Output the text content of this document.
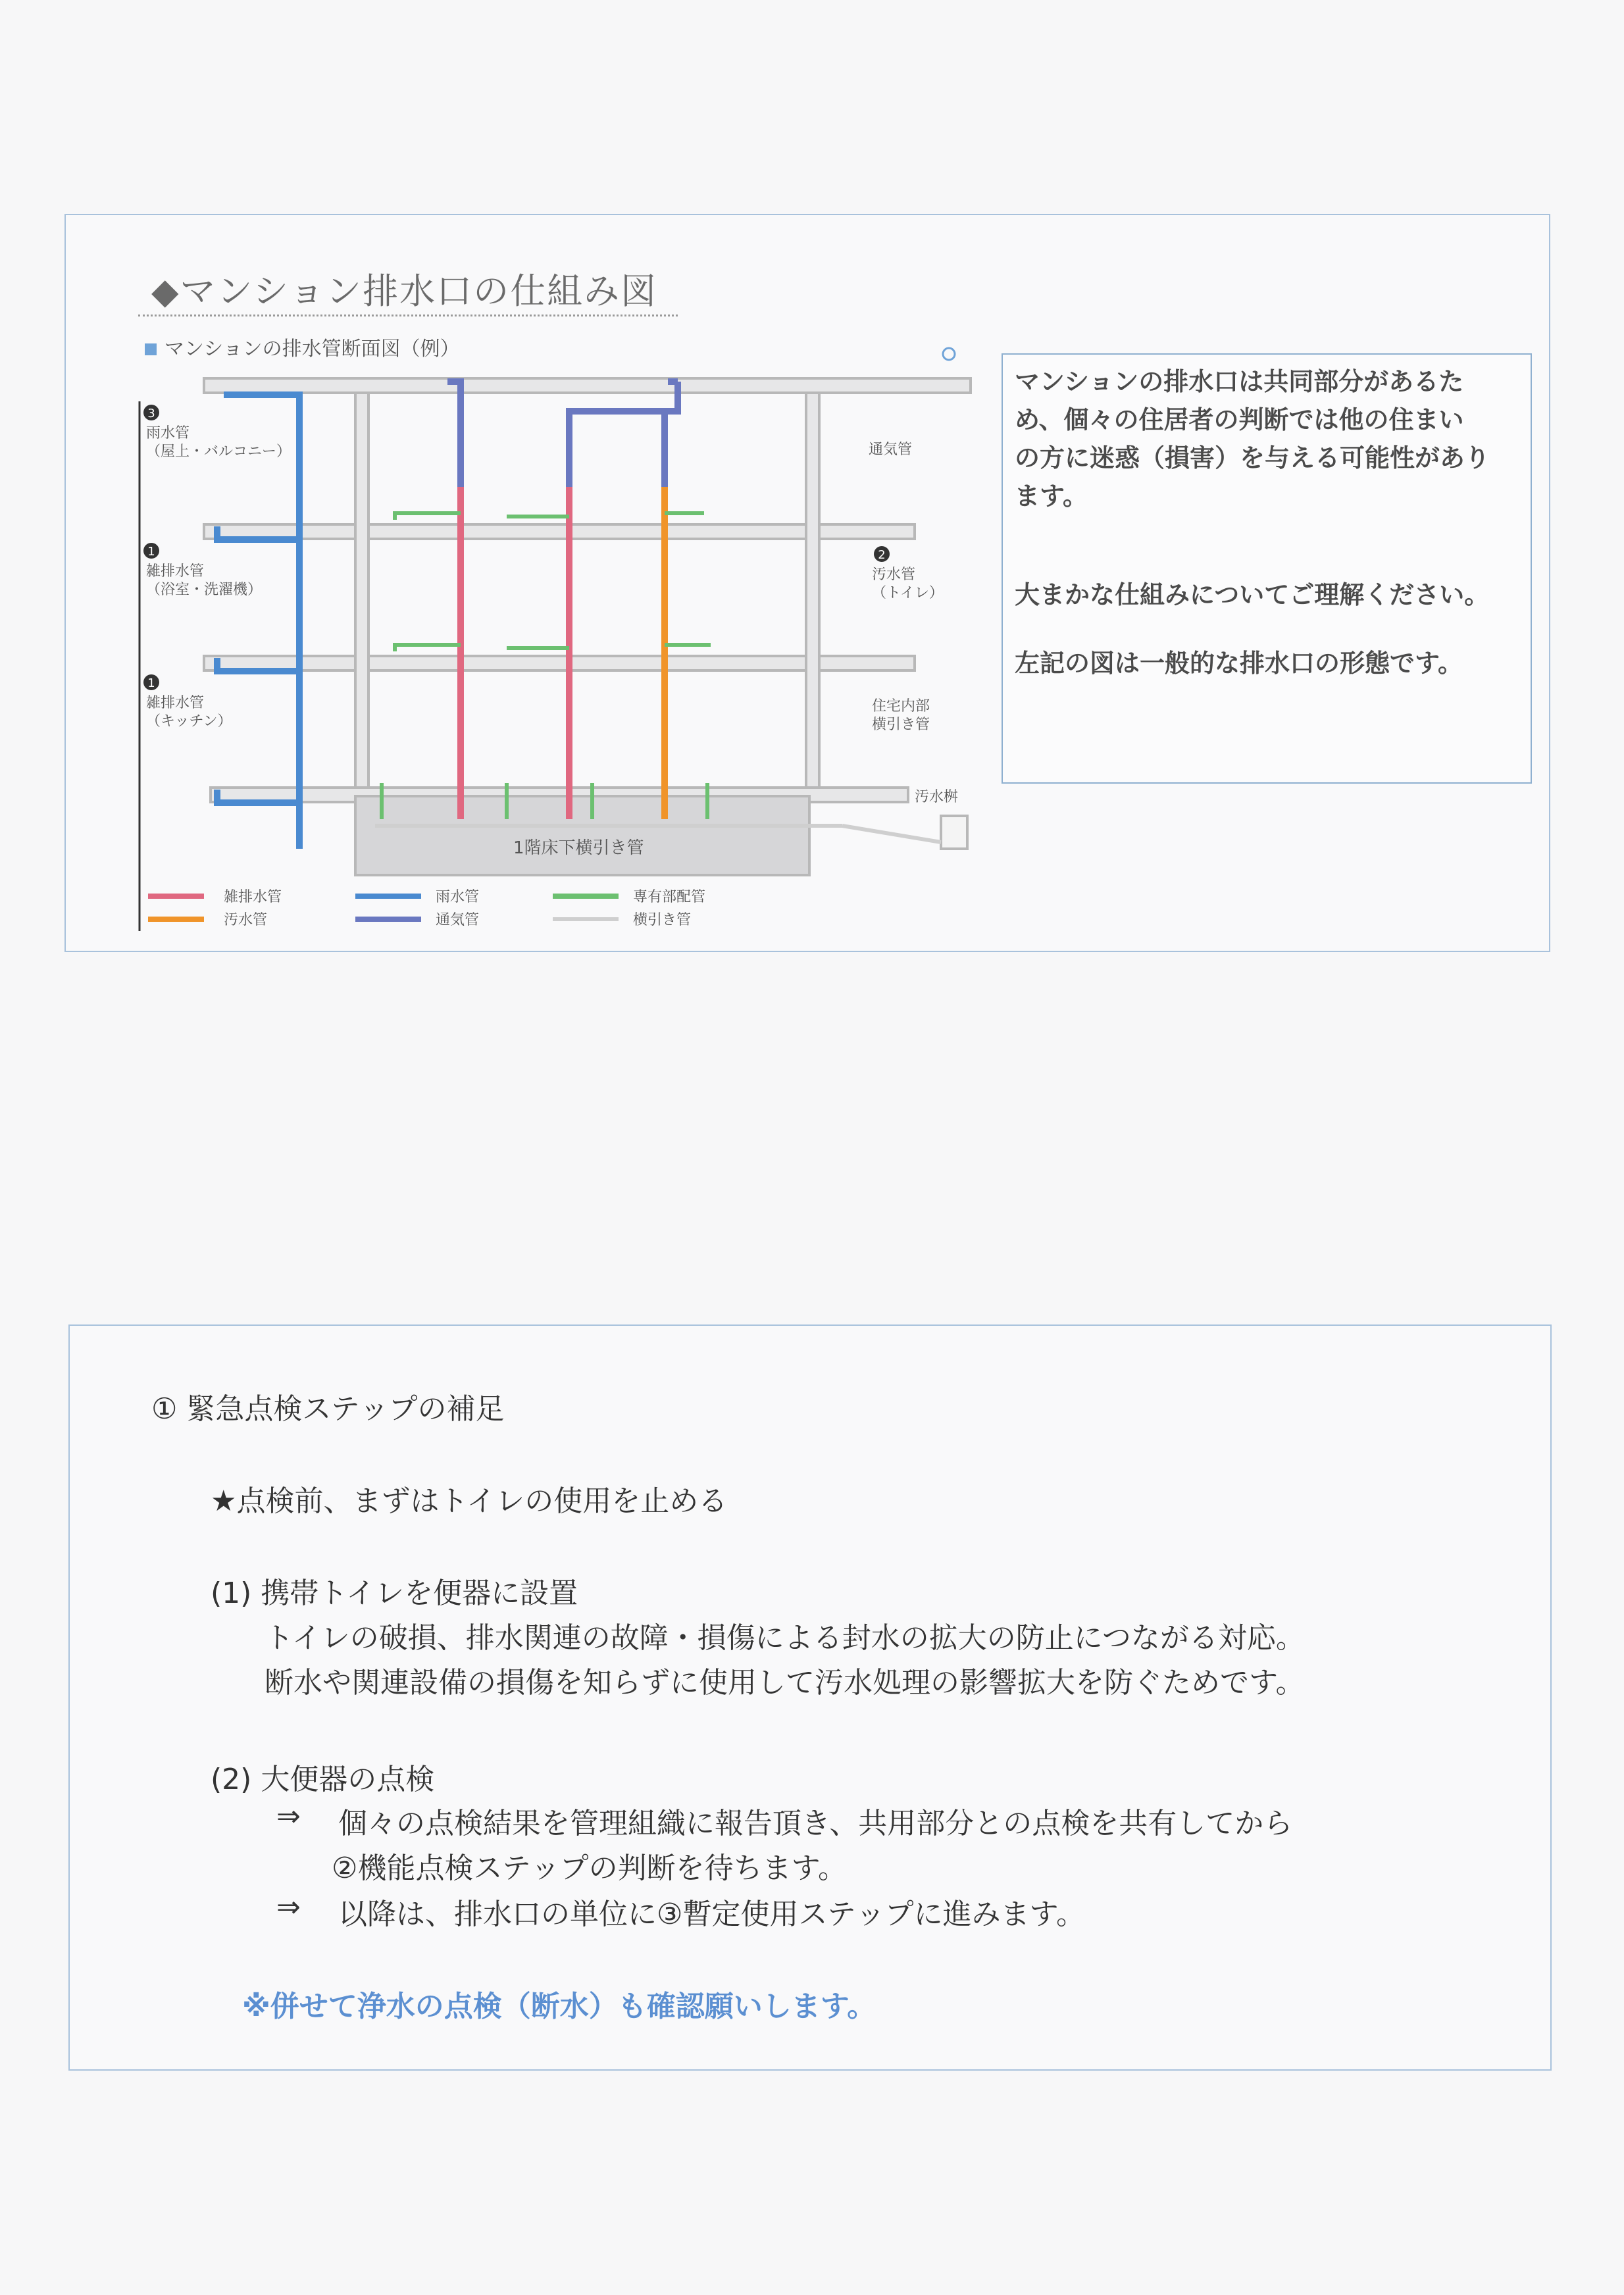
◆マンション排水口の仕組み図
マンションの排水管断面図（例）
1階床下横引き管
3
雨水管
（屋上・バルコニー）
1
雑排水管
（浴室・洗濯機）
1
雑排水管
（キッチン）
通気管
2
汚水管
（トイレ）
住宅内部
横引き管
汚水桝
雑排水管	雨水管	専有部配管
汚水管	通気管	横引き管

マンションの排水口は共同部分があるた

め、個々の住居者の判断では他の住まい

の方に迷惑（損害）を与える可能性があり

ます。

大まかな仕組みについてご理解ください。

左記の図は一般的な排水口の形態です。

① 緊急点検ステップの補足
★点検前、まずはトイレの使用を止める
(1) 携帯トイレを便器に設置
トイレの破損、排水関連の故障・損傷による封水の拡大の防止につながる対応。
断水や関連設備の損傷を知らずに使用して汚水処理の影響拡大を防ぐためです。
(2) 大便器の点検
⇒ 個々の点検結果を管理組織に報告頂き、共用部分との点検を共有してから
②機能点検ステップの判断を待ちます。
⇒ 以降は、排水口の単位に③暫定使用ステップに進みます。
※併せて浄水の点検（断水）も確認願いします。
